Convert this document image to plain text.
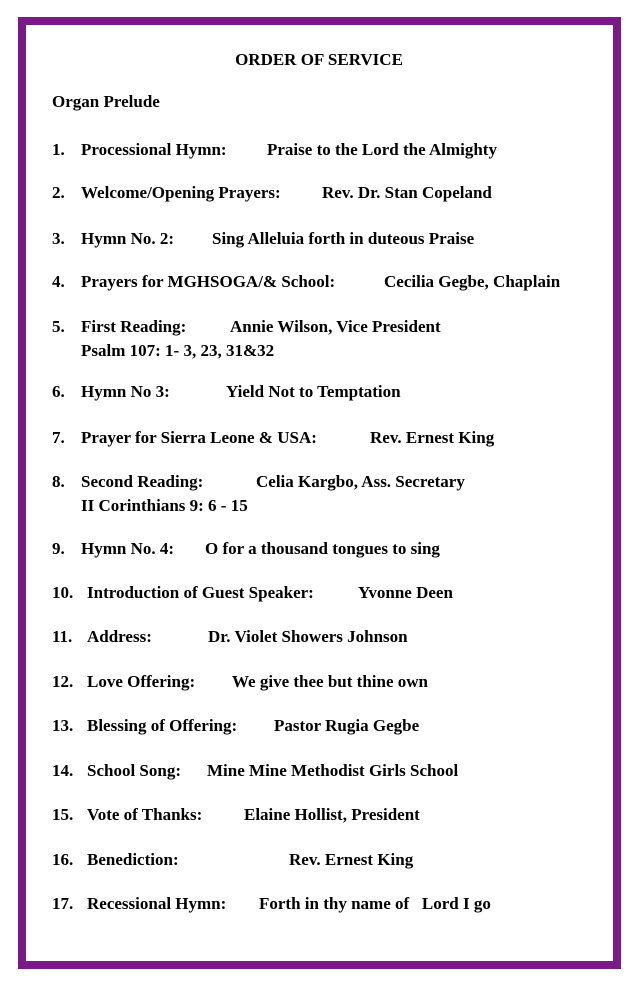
ORDER OF SERVICE
Organ Prelude
1. Processional Hymn: Praise to the Lord the Almighty
2. Welcome/Opening Prayers: Rev. Dr. Stan Copeland
3. Hymn No. 2: Sing Alleluia forth in duteous Praise
4. Prayers for MGHSOGA/& School:	Cecilia Gegbe, Chaplain
5. First Reading:	Annie Wilson, Vice President
Psalm 107: 1- 3, 23, 31&32
6. Hymn No 3:	Yield Not to Temptation
7. Prayer for Sierra Leone & USA:	Rev. Ernest King
8. Second Reading:	Celia Kargbo, Ass. Secretary
II Corinthians 9: 6 - 15
9. Hymn No. 4: O for a thousand tongues to sing
10. Introduction of Guest Speaker:	Yvonne Deen
11. Address:	Dr. Violet Showers Johnson
12. Love Offering: We give thee but thine own
13. Blessing of Offering: Pastor Rugia Gegbe
14. School Song: Mine Mine Methodist Girls School
15. Vote of Thanks: Elaine Hollist, President
16. Benediction:	Rev. Ernest King
17. Recessional Hymn: Forth in thy name of   Lord I go
